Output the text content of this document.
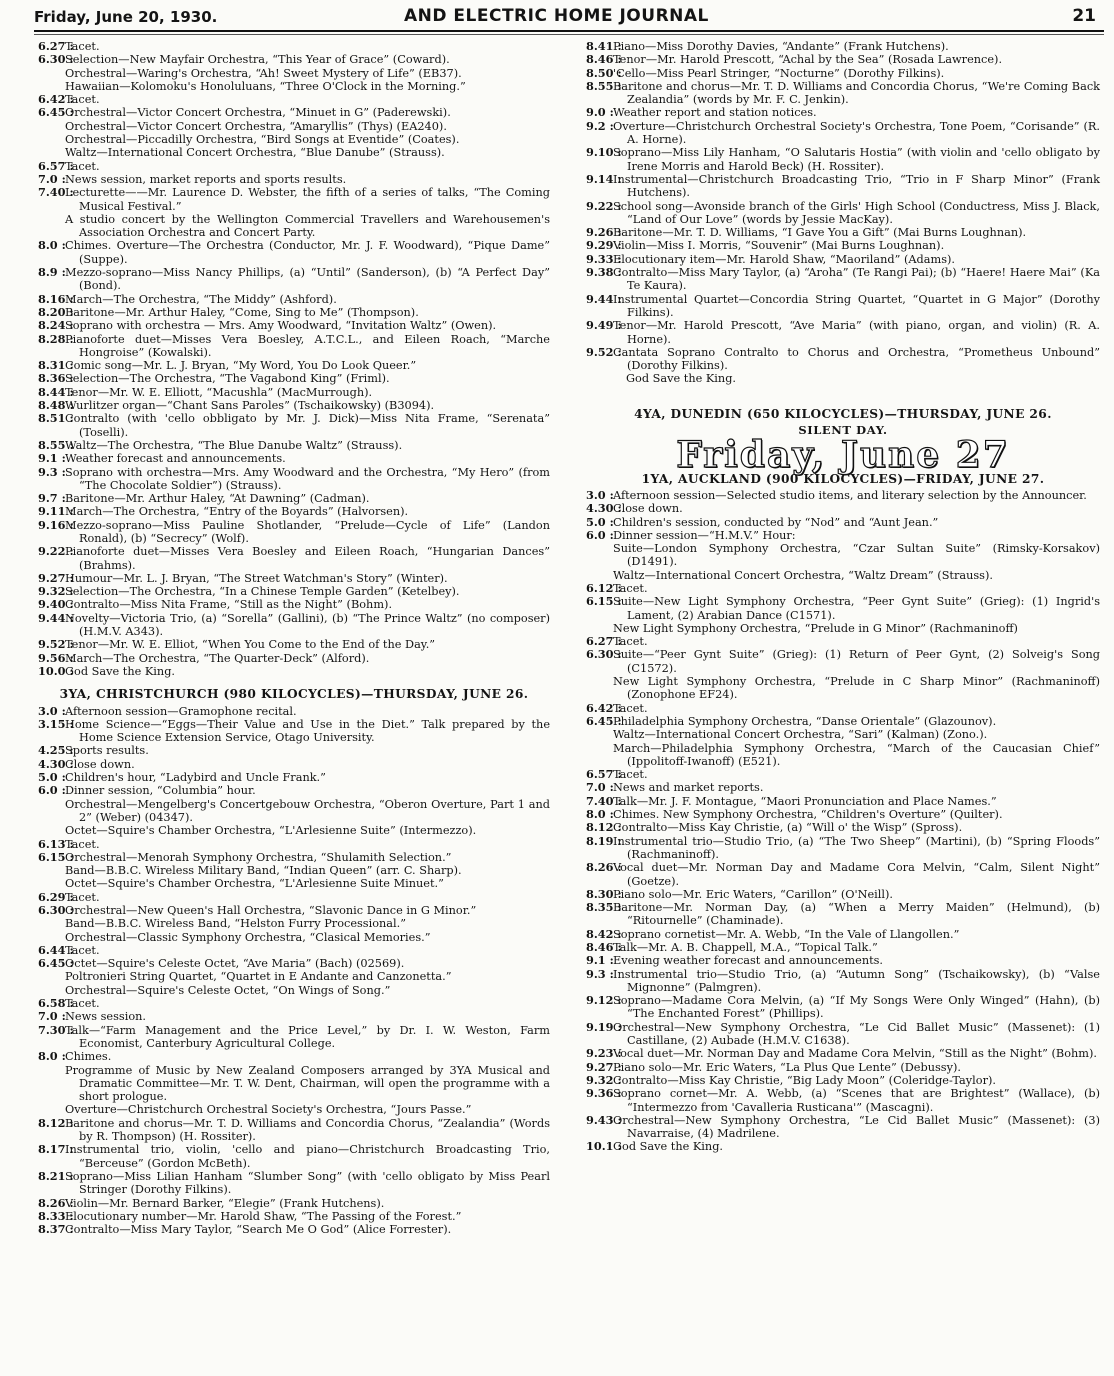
Friday, June 20, 1930.	AND ELECTRIC HOME JOURNAL	21
6.27 :
Tacet.
6.30 :
Selection—New Mayfair Orchestra, “This Year of Grace” (Coward).
Orchestral—Waring's Orchestra, “Ah! Sweet Mystery of Life” (EB37).
Hawaiian—Kolomoku's Honoluluans, “Three O'Clock in the Morning.”
6.42 :
Tacet.
6.45 :
Orchestral—Victor Concert Orchestra, “Minuet in G” (Paderewski).
Orchestral—Victor Concert Orchestra, “Amaryllis” (Thys) (EA240).
Orchestral—Piccadilly Orchestra, “Bird Songs at Eventide” (Coates).
Waltz—International Concert Orchestra, “Blue Danube” (Strauss).
6.57 :
Tacet.
7.0 : News session, market reports and sports results.
7.40 :
Lecturette——Mr. Laurence D. Webster, the fifth of a series of talks, “The Coming Musical Festival.”
A studio concert by the Wellington Commercial Travellers and Warehousemen's Association Orchestra and Concert Party.
8.0 : Chimes. Overture—The Orchestra (Conductor, Mr. J. F. Woodward), “Pique Dame” (Suppe).
8.9 : Mezzo-soprano—Miss Nancy Phillips, (a) “Until” (Sanderson), (b) “A Perfect Day” (Bond).
8.16 :
March—The Orchestra, “The Middy” (Ashford).
8.20 :
Baritone—Mr. Arthur Haley, “Come, Sing to Me” (Thompson).
8.24 :
Soprano with orchestra — Mrs. Amy Woodward, “Invitation Waltz” (Owen).
8.28 :
Pianoforte duet—Misses Vera Boesley, A.T.C.L., and Eileen Roach, “Marche Hongroise” (Kowalski).
8.31 :
Comic song—Mr. L. J. Bryan, “My Word, You Do Look Queer.”
8.36 :
Selection—The Orchestra, “The Vagabond King” (Friml).
8.44 :
Tenor—Mr. W. E. Elliott, “Macushla” (MacMurrough).
8.48 :
Wurlitzer organ—“Chant Sans Paroles” (Tschaikowsky) (B3094).
8.51 :
Contralto (with 'cello obbligato by Mr. J. Dick)—Miss Nita Frame, “Serenata” (Toselli).
8.55 :
Waltz—The Orchestra, “The Blue Danube Waltz” (Strauss).
9.1 : Weather forecast and announcements.
9.3 : Soprano with orchestra—Mrs. Amy Woodward and the Orchestra, “My Hero” (from “The Chocolate Soldier”) (Strauss).
9.7 : Baritone—Mr. Arthur Haley, “At Dawning” (Cadman).
9.11 :
March—The Orchestra, “Entry of the Boyards” (Halvorsen).
9.16 :
Mezzo-soprano—Miss Pauline Shotlander, “Prelude—Cycle of Life” (Landon Ronald), (b) “Secrecy” (Wolf).
9.22 :
Pianoforte duet—Misses Vera Boesley and Eileen Roach, “Hungarian Dances” (Brahms).
9.27 :
Humour—Mr. L. J. Bryan, “The Street Watchman's Story” (Winter).
9.32 :
Selection—The Orchestra, “In a Chinese Temple Garden” (Ketelbey).
9.40 :
Contralto—Miss Nita Frame, “Still as the Night” (Bohm).
9.44 :
Novelty—Victoria Trio, (a) “Sorella” (Gallini), (b) “The Prince Waltz” (no composer) (H.M.V. A343).
9.52 :
Tenor—Mr. W. E. Elliot, “When You Come to the End of the Day.”
9.56 :
March—The Orchestra, “The Quarter-Deck” (Alford).
10.0 :
God Save the King.
3YA, CHRISTCHURCH (980 KILOCYCLES)—THURSDAY, JUNE 26.
3.0 : Afternoon session—Gramophone recital.
3.15 :
Home Science—“Eggs—Their Value and Use in the Diet.” Talk prepared by the Home Science Extension Service, Otago University.
4.25 :
Sports results.
4.30 :
Close down.
5.0 : Children's hour, “Ladybird and Uncle Frank.”
6.0 : Dinner session, “Columbia” hour.
Orchestral—Mengelberg's Concertgebouw Orchestra, “Oberon Overture, Part 1 and 2” (Weber) (04347).
Octet—Squire's Chamber Orchestra, “L'Arlesienne Suite” (Intermezzo).
6.13 :
Tacet.
6.15 :
Orchestral—Menorah Symphony Orchestra, “Shulamith Selection.”
Band—B.B.C. Wireless Military Band, “Indian Queen” (arr. C. Sharp).
Octet—Squire's Chamber Orchestra, “L'Arlesienne Suite Minuet.”
6.29 :
Tacet.
6.30 :
Orchestral—New Queen's Hall Orchestra, “Slavonic Dance in G Minor.”
Band—B.B.C. Wireless Band, “Helston Furry Processional.”
Orchestral—Classic Symphony Orchestra, “Clasical Memories.”
6.44 :
Tacet.
6.45 :
Octet—Squire's Celeste Octet, “Ave Maria” (Bach) (02569).
Poltronieri String Quartet, “Quartet in E Andante and Canzonetta.”
Orchestral—Squire's Celeste Octet, “On Wings of Song.”
6.58 :
Tacet.
7.0 : News session.
7.30 :
Talk—“Farm Management and the Price Level,” by Dr. I. W. Weston, Farm Economist, Canterbury Agricultural College.
8.0 : Chimes.
Programme of Music by New Zealand Composers arranged by 3YA Musical and Dramatic Committee—Mr. T. W. Dent, Chairman, will open the programme with a short prologue.
Overture—Christchurch Orchestral Society's Orchestra, “Jours Passe.”
8.12 :
Baritone and chorus—Mr. T. D. Williams and Concordia Chorus, “Zealandia” (Words by R. Thompson) (H. Rossiter).
8.17 :
Instrumental trio, violin, 'cello and piano—Christchurch Broadcasting Trio, “Berceuse” (Gordon McBeth).
8.21 :
Soprano—Miss Lilian Hanham “Slumber Song” (with 'cello obligato by Miss Pearl Stringer (Dorothy Filkins).
8.26 :
Violin—Mr. Bernard Barker, “Elegie” (Frank Hutchens).
8.33 :
Elocutionary number—Mr. Harold Shaw, “The Passing of the Forest.”
8.37 :
Contralto—Miss Mary Taylor, “Search Me O God” (Alice Forrester).
8.41 :
Piano—Miss Dorothy Davies, “Andante” (Frank Hutchens).
8.46 :
Tenor—Mr. Harold Prescott, “Achal by the Sea” (Rosada Lawrence).
8.50 :
'Cello—Miss Pearl Stringer, “Nocturne” (Dorothy Filkins).
8.55 :
Baritone and chorus—Mr. T. D. Williams and Concordia Chorus, “We're Coming Back Zealandia” (words by Mr. F. C. Jenkin).
9.0 : Weather report and station notices.
9.2 : Overture—Christchurch Orchestral Society's Orchestra, Tone Poem, “Corisande” (R. A. Horne).
9.10 :
Soprano—Miss Lily Hanham, “O Salutaris Hostia” (with violin and 'cello obligato by Irene Morris and Harold Beck) (H. Rossiter).
9.14 :
Instrumental—Christchurch Broadcasting Trio, “Trio in F Sharp Minor” (Frank Hutchens).
9.22 :
School song—Avonside branch of the Girls' High School (Conductress, Miss J. Black, “Land of Our Love” (words by Jessie MacKay).
9.26 :
Baritone—Mr. T. D. Williams, “I Gave You a Gift” (Mai Burns Loughnan).
9.29 :
Violin—Miss I. Morris, “Souvenir” (Mai Burns Loughnan).
9.33 :
Elocutionary item—Mr. Harold Shaw, “Maoriland” (Adams).
9.38 :
Contralto—Miss Mary Taylor, (a) “Aroha” (Te Rangi Pai); (b) “Haere! Haere Mai” (Ka Te Kaura).
9.44 :
Instrumental Quartet—Concordia String Quartet, “Quartet in G Major” (Dorothy Filkins).
9.49 :
Tenor—Mr. Harold Prescott, “Ave Maria” (with piano, organ, and violin) (R. A. Horne).
9.52 :
Cantata Soprano Contralto to Chorus and Orchestra, “Prometheus Unbound” (Dorothy Filkins).
God Save the King.
4YA, DUNEDIN (650 KILOCYCLES)—THURSDAY, JUNE 26.
SILENT DAY.
Friday, June 27
1YA, AUCKLAND (900 KILOCYCLES)—FRIDAY, JUNE 27.
3.0 : Afternoon session—Selected studio items, and literary selection by the Announcer.
4.30 :
Close down.
5.0 : Children's session, conducted by “Nod” and “Aunt Jean.”
6.0 : Dinner session—“H.M.V.” Hour:
Suite—London Symphony Orchestra, “Czar Sultan Suite” (Rimsky-Korsakov) (D1491).
Waltz—International Concert Orchestra, “Waltz Dream” (Strauss).
6.12 :
Tacet.
6.15 :
Suite—New Light Symphony Orchestra, “Peer Gynt Suite” (Grieg): (1) Ingrid's Lament, (2) Arabian Dance (C1571).
New Light Symphony Orchestra, “Prelude in G Minor” (Rachmaninoff)
6.27 :
Tacet.
6.30 :
Suite—“Peer Gynt Suite” (Grieg): (1) Return of Peer Gynt, (2) Solveig's Song (C1572).
New Light Symphony Orchestra, “Prelude in C Sharp Minor” (Rachmaninoff) (Zonophone EF24).
6.42 :
Tacet.
6.45 :
Philadelphia Symphony Orchestra, “Danse Orientale” (Glazounov).
Waltz—International Concert Orchestra, “Sari” (Kalman) (Zono.).
March—Philadelphia Symphony Orchestra, “March of the Caucasian Chief” (Ippolitoff-Iwanoff) (E521).
6.57 :
Tacet.
7.0 : News and market reports.
7.40 :
Talk—Mr. J. F. Montague, “Maori Pronunciation and Place Names.”
8.0 : Chimes. New Symphony Orchestra, “Children's Overture” (Quilter).
8.12 :
Contralto—Miss Kay Christie, (a) “Will o' the Wisp” (Spross).
8.19 :
Instrumental trio—Studio Trio, (a) “The Two Sheep” (Martini), (b) “Spring Floods” (Rachmaninoff).
8.26 :
Vocal duet—Mr. Norman Day and Madame Cora Melvin, “Calm, Silent Night” (Goetze).
8.30 :
Piano solo—Mr. Eric Waters, “Carillon” (O'Neill).
8.35 :
Baritone—Mr. Norman Day, (a) “When a Merry Maiden” (Helmund), (b) “Ritournelle” (Chaminade).
8.42 :
Soprano cornetist—Mr. A. Webb, “In the Vale of Llangollen.”
8.46 :
Talk—Mr. A. B. Chappell, M.A., “Topical Talk.”
9.1 : Evening weather forecast and announcements.
9.3 : Instrumental trio—Studio Trio, (a) “Autumn Song” (Tschaikowsky), (b) “Valse Mignonne” (Palmgren).
9.12 :
Soprano—Madame Cora Melvin, (a) “If My Songs Were Only Winged” (Hahn), (b) “The Enchanted Forest” (Phillips).
9.19 :
Orchestral—New Symphony Orchestra, “Le Cid Ballet Music” (Massenet): (1) Castillane, (2) Aubade (H.M.V. C1638).
9.23 :
Vocal duet—Mr. Norman Day and Madame Cora Melvin, “Still as the Night” (Bohm).
9.27 :
Piano solo—Mr. Eric Waters, “La Plus Que Lente” (Debussy).
9.32 :
Contralto—Miss Kay Christie, “Big Lady Moon” (Coleridge-Taylor).
9.36 :
Soprano cornet—Mr. A. Webb, (a) “Scenes that are Brightest” (Wallace), (b) “Intermezzo from 'Cavalleria Rusticana'” (Mascagni).
9.43 :
Orchestral—New Symphony Orchestra, “Le Cid Ballet Music” (Massenet): (3) Navarraise, (4) Madrilene.
10.1 :
God Save the King.
